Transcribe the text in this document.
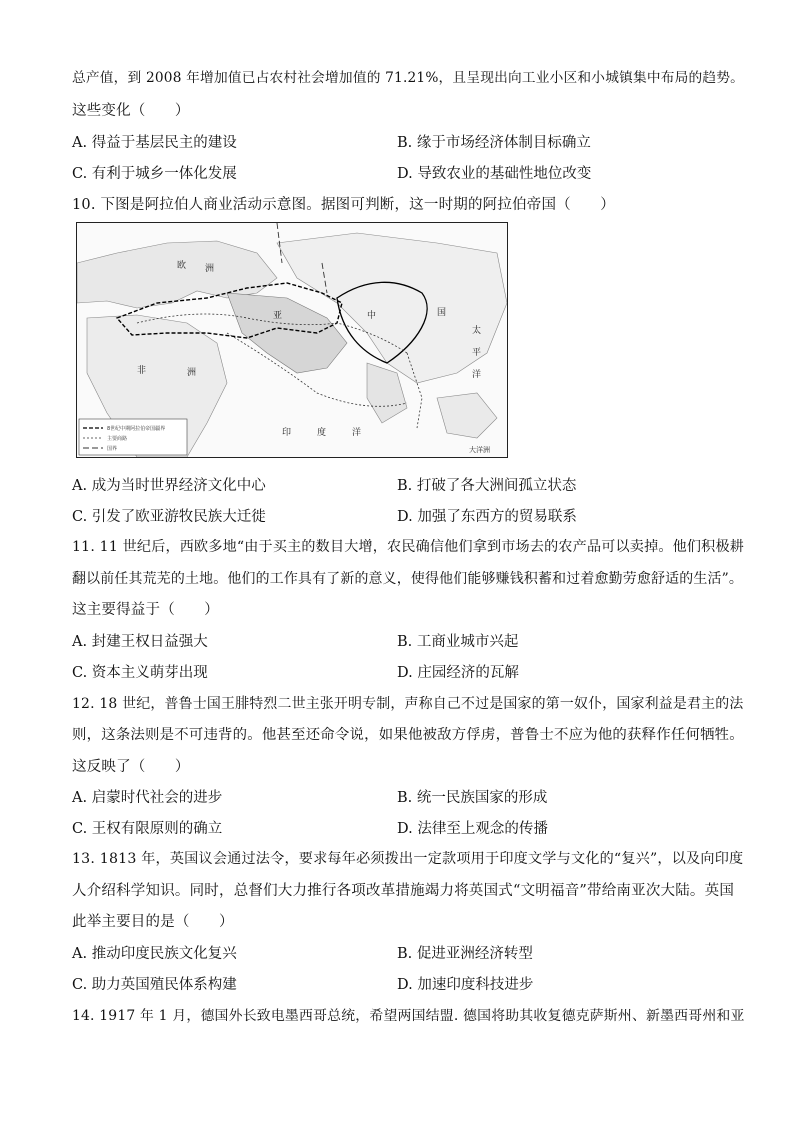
总产值，到 2008 年增加值已占农村社会增加值的 71.21%，且呈现出向工业小区和小城镇集中布局的趋势。
这些变化（　　）
A. 得益于基层民主的建设	B. 缘于市场经济体制目标确立
C. 有利于城乡一体化发展	D. 导致农业的基础性地位改变
10. 下图是阿拉伯人商业活动示意图。据图可判断，这一时期的阿拉伯帝国（　　）
欧 洲
非	洲
亚	中	国
太
平
洋
印	度	洋
8世纪中期阿拉伯帝国疆界
主要商路
国界	大洋洲
A. 成为当时世界经济文化中心	B. 打破了各大洲间孤立状态
C. 引发了欧亚游牧民族大迁徙	D. 加强了东西方的贸易联系
11. 11 世纪后，西欧多地“由于买主的数目大增，农民确信他们拿到市场去的农产品可以卖掉。他们积极耕
翻以前任其荒芜的土地。他们的工作具有了新的意义，使得他们能够赚钱积蓄和过着愈勤劳愈舒适的生活”。
这主要得益于（　　）
A. 封建王权日益强大	B. 工商业城市兴起
C. 资本主义萌芽出现	D. 庄园经济的瓦解
12. 18 世纪，普鲁士国王腓特烈二世主张开明专制，声称自己不过是国家的第一奴仆，国家利益是君主的法
则，这条法则是不可违背的。他甚至还命令说，如果他被敌方俘虏，普鲁士不应为他的获释作任何牺牲。
这反映了（　　）
A. 启蒙时代社会的进步	B. 统一民族国家的形成
C. 王权有限原则的确立	D. 法律至上观念的传播
13. 1813 年，英国议会通过法令，要求每年必须拨出一定款项用于印度文学与文化的“复兴”，以及向印度
人介绍科学知识。同时，总督们大力推行各项改革措施竭力将英国式“文明福音”带给南亚次大陆。英国
此举主要目的是（　　）
A. 推动印度民族文化复兴	B. 促进亚洲经济转型
C. 助力英国殖民体系构建	D. 加速印度科技进步
14. 1917 年 1 月，德国外长致电墨西哥总统，希望两国结盟. 德国将助其收复德克萨斯州、新墨西哥州和亚
